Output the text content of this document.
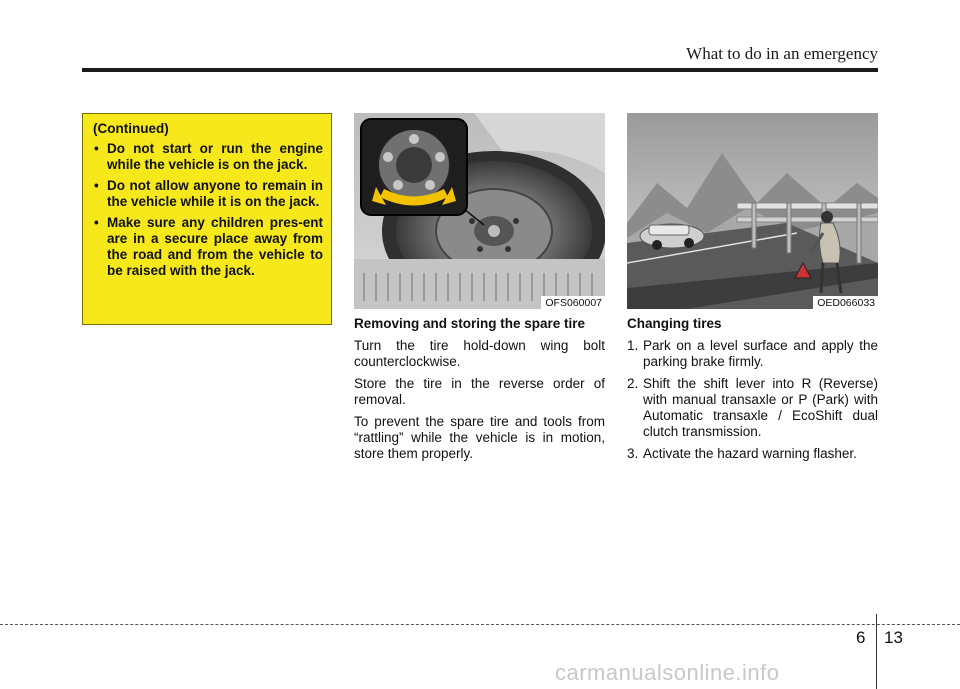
What to do in an emergency
(Continued)
• Do not start or run the engine while the vehicle is on the jack.
• Do not allow anyone to remain in the vehicle while it is on the jack.
• Make sure any children pres-ent are in a secure place away from the road and from the vehicle to be raised with the jack.
OFS060007	OED066033
Removing and storing the spare tire

Turn the tire hold-down wing bolt counterclockwise.

Store the tire in the reverse order of removal.

To prevent the spare tire and tools from “rattling” while the vehicle is in motion, store them properly.

Changing tires
1. Park on a level surface and apply the parking brake firmly.
2. Shift the shift lever into R (Reverse) with manual transaxle or P (Park) with Automatic transaxle / EcoShift dual clutch transmission.
3. Activate the hazard warning flasher.
6 13
carmanualsonline.info
